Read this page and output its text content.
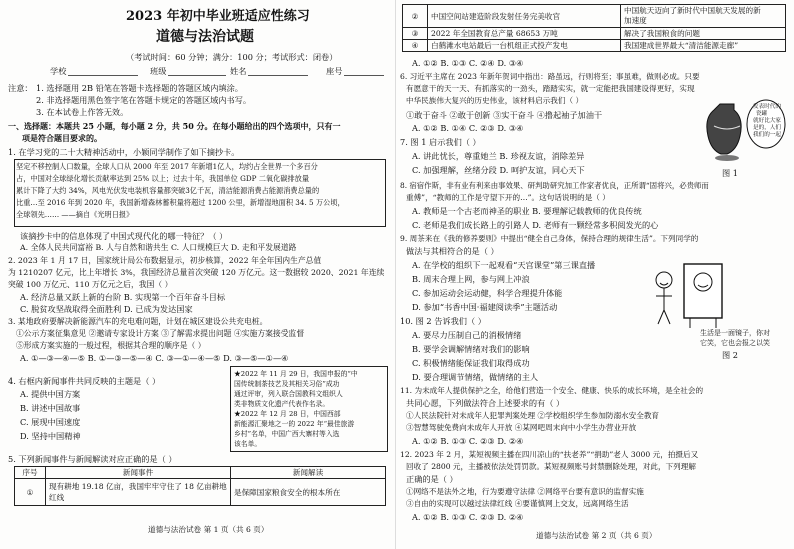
2023 年初中毕业班适应性练习
道德与法治试题
（考试时间：60 分钟；满分：100 分；考试形式：闭卷）
学校	班级	姓名	座号
注意： 1. 选择题用 2B 铅笔在答题卡选择题的答题区域内填涂。
2. 非选择题用黑色签字笔在答题卡规定的答题区域内书写。
3. 在本试卷上作答无效。
一、选择题：本题共 25 小题，每小题 2 分，共 50 分。在每小题给出的四个选项中，只有一
项是符合题目要求的。
1. 在学习党的二十大精神活动中，小颖同学制作了如下摘抄卡。
坚定不移控制人口数量，全球人口从 2000 年至 2017 年新增1亿人，均约占全世界一个多百分
占，中国对全球绿化增长贡献率达到 25% 以上；过去十年，我国单位 GDP 二氧化碳排放量
累计下降了大约 34%，风电光伏发电装机容量都突破3亿千瓦，清洁能源消费占能源消费总量的
比重…至 2016 年到 2020 年，我国新增森林蓄积量将超过 1200 公里，新增湿地面积 34. 5 万公顷，
全球领先…… ——摘自《光明日报》
该摘抄卡中的信息体现了中国式现代化的哪一特征？（ ）
A. 全体人民共同富裕 B. 人与自然和谐共生 C. 人口规模巨大 D. 走和平发展道路
2. 2023 年 1 月 17 日，国家统计局公布数据显示，初步核算，2022 年全年国内生产总值
为 1210207 亿元，比上年增长 3%，我国经济总量首次突破 120 万亿元。这一数据较 2020、2021 年连续
突破 100 万亿元、110 万亿元之后，我国（ ）
A. 经济总量又跃上新的台阶 B. 实现第一个百年奋斗目标
C. 脱贫攻坚战取得全面胜利 D. 已成为发达国家
3. 某地政府要解决新能源汽车的充电难问题，计划在城区建设公共充电桩。
①公示方案征集意见 ②邀请专家设计方案 ③了解需求提出问题 ④实施方案接受监督
⑤形成方案实施的一般过程，根据其合理的顺序是（ ）
A. ①—③—④—⑤ B. ①—③—⑤—④ C. ③—①—④—⑤ D. ③—⑤—①—④
4. 右框内新闻事件共同反映的主题是（ ）
A. 提供中国方案
B. 讲述中国故事
C. 展现中国速度
D. 坚持中国精神
★2022 年 11 月 29 日，我国申报的“中
国传统制茶技艺及其相关习俗”成功
通过评审，列入联合国教科文组织人
类非物质文化遗产代表作名录。
★2022 年 12 月 28 日，中国西部
新能源汇聚地之一的 2022 年“最佳旅游
乡村”名单，中国广西大寨村等入选
该名单。
5. 下列新闻事件与新闻解读对应正确的是（ ）
序号	新闻事件	新闻解读
①	现有耕地 19.18 亿亩，我国牢牢守住了 18 亿亩耕地红线	是保障国家粮食安全的根本所在
道德与法治试卷 第 1 页（共 6 页）
②	中国空间站建造阶段发射任务完美收官	中国航天迈向了新时代中国航天发展的新
加速度
③	2022 年全国教育总产量 68653 万吨	解决了我国粮食的问题
④	白鹤滩水电站最后一台机组正式投产发电	我国建成世界最大“清洁能源走廊”
A. ①② B. ①③ C. ②④ D. ③④
6. 习近平主席在 2023 年新年贺词中指出：路虽远，行则将至；事虽难，做则必成。只要
有愿意干的天一天、有抓落实的一劲头，踏踏实实，就一定能把我国建设得更好，实现
中华民族伟大复兴的历史伟业，该材料启示我们（ ）
①敢于奋斗 ②敢于创新 ③实干奋斗 ④撸起袖子加油干
A. ①② B. ①④ C. ②③ D. ③④
7. 图 1 启示我们（ ）
A. 讲此忧长，尊重她兰 B. 珍视友谊，消除差异
C. 加强理解，丝绪分段 D. 呵护友谊，同心天下
发表时代的
瓷罐
就好比大家
是的，人们
我们的一起
图 1
8. 宿宿作斯，非有业有利来由事效果、研判助研究加工作家者优良，正所谓“固将兴，必贵师而
重傅”，“教师的工作是守望下开的…”。这句话说明的是（ ）
A. 教师是一个古老而神圣的职业 B. 要理解记载教师的优良传统
C. 老师是我们成长路上的引路人 D. 老师有一颗经常多积阅发光的心
9. 周茶来在《我的修养要则》中提出“健全自己身体，保持合理的规律生活”。下列同学的
做法与其相符合的是（ ）
A. 在学校的组织下一起观看“天宫课堂”第三课直播
B. 周末合理上网，参与网上冲浪
C. 参加运动会运动健，科学合理提升体能
D. 参加“书香中国·福建阅读季”主题活动
10. 图 2 告诉我们（ ）
A. 要尽力压制自己的消极情绪
B. 要学会调解情绪对我们的影响
C. 积极情绪能保证我们取得成功
D. 要合理调节情绪，做情绪的主人
生活是一面镜子，你对
它笑，它也会报之以笑
图 2
11. 为未成年人提供保护之全，给他们营造一个安全、健康、快乐的成长环境，是全社会的
共同心愿，下列做法符合上述要求的有（ ）
①人民法院针对未成年人犯罪判案处理 ②学校组织学生参加防溺水安全教育
③智慧驾驶免费向未成年人开放 ④某网吧周末向中小学生办营业开放
A. ①② B. ①③ C. ②③ D. ②④
12. 2023 年 2 月，某短视频主播在四川凉山的“扶老养”“捐助”老人 3000 元，拍摄后又
回收了 2800 元，主播被依法处罚罚款。某短视频账号封禁删除处理，对此，下列理解
正确的是（ ）
①网络不是法外之地，行为要遵守法律 ②网络平台要有意识的监督实施
③自由的实现可以越过法律红线 ④要谨慎网上交友，远离网络生活
A. ①② B. ①③ C. ②③ D. ②④
道德与法治试卷 第 2 页（共 6 页）
